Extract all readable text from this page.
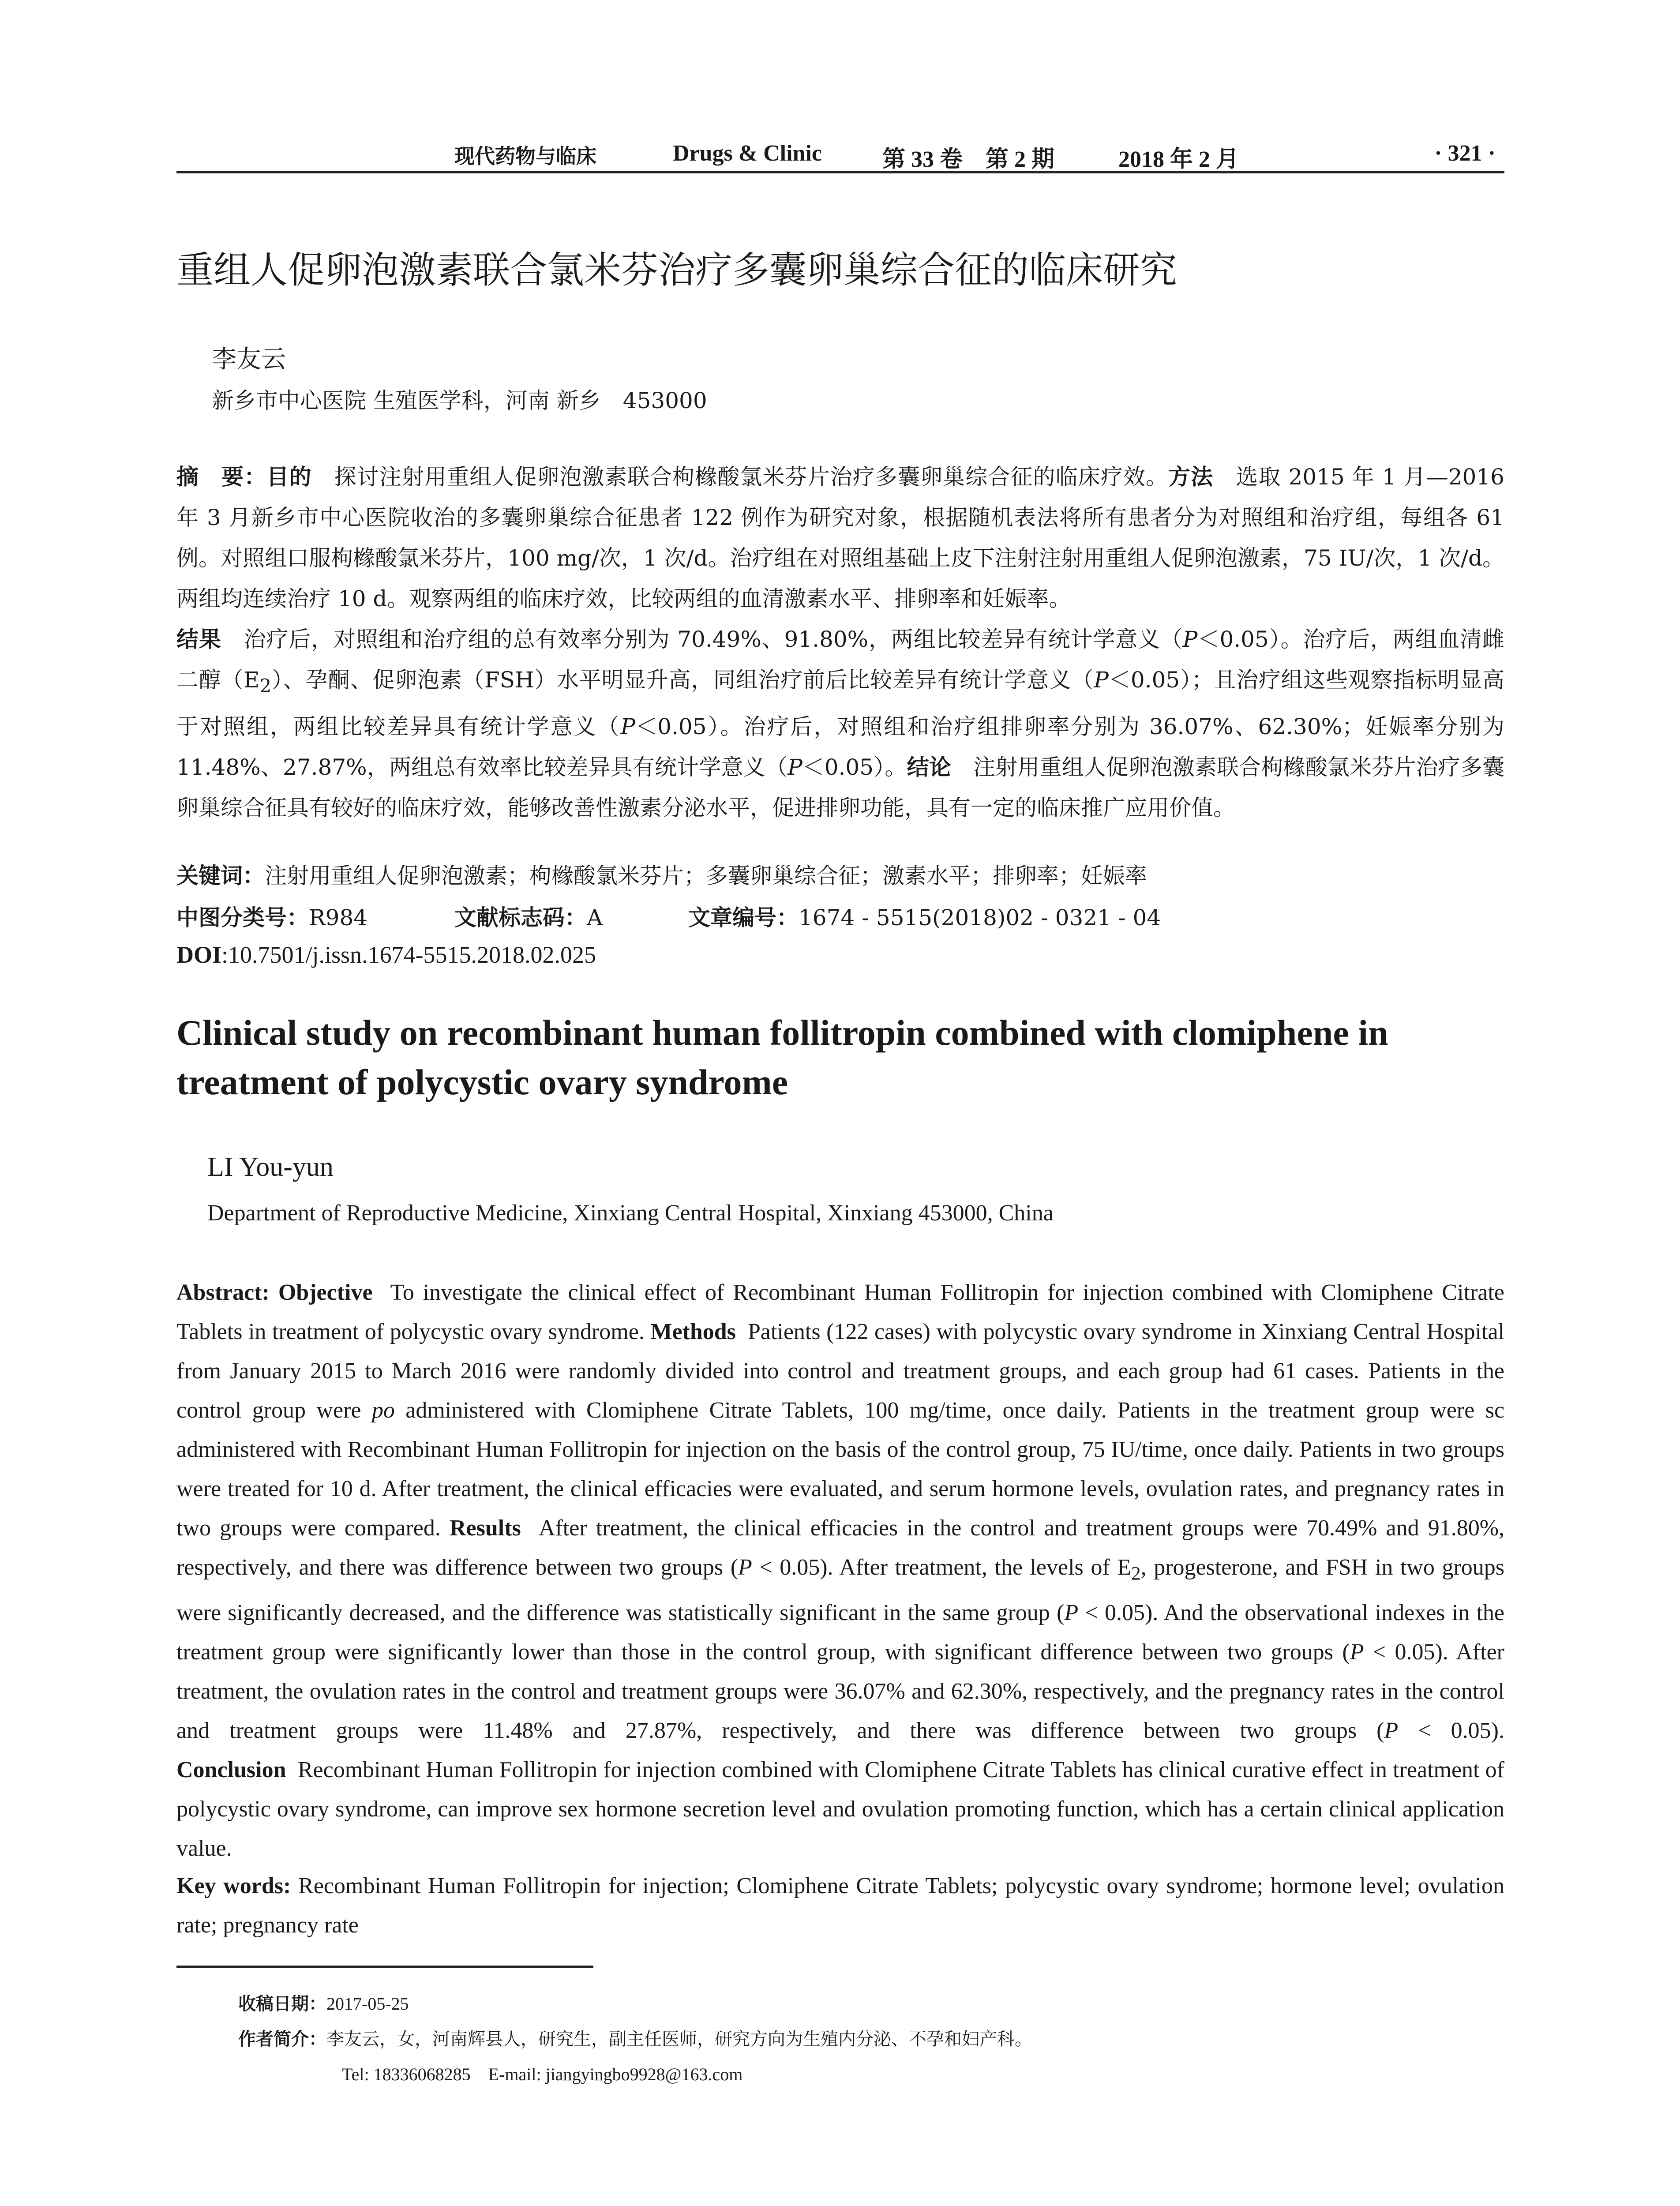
现代药物与临床	Drugs & Clinic	第 33 卷　第 2 期	2018 年 2 月	· 321 ·
重组人促卵泡激素联合氯米芬治疗多囊卵巢综合征的临床研究
李友云
新乡市中心医院 生殖医学科，河南 新乡　453000

摘　要：目的　 探讨注射用重组人促卵泡激素联合枸橼酸氯米芬片治疗多囊卵巢综合征的临床疗效。方法　 选取 2015 年 1 月—2016 年 3 月新乡市中心医院收治的多囊卵巢综合征患者 122 例作为研究对象，根据随机表法将所有患者分为对照组和治疗组，每组各 61 例。对照组口服枸橼酸氯米芬片，100 mg/次，1 次/d。治疗组在对照组基础上皮下注射注射用重组人促卵泡激素，75 IU/次，1 次/d。两组均连续治疗 10 d。观察两组的临床疗效，比较两组的血清激素水平、排卵率和妊娠率。
结果　 治疗后，对照组和治疗组的总有效率分别为 70.49%、91.80%，两组比较差异有统计学意义（P＜0.05）。治疗后，两组血清雌二醇$(E_2)$、孕酮、促卵泡素（FSH）水平明显升高，同组治疗前后比较差异有统计学意义（P＜0.05）；且治疗组这些观察指标明显高于对照组，两组比较差异具有统计学意义（P＜0.05）。治疗后，对照组和治疗组排卵率分别为 36.07%、62.30%；妊娠率分别为 11.48%、27.87%，两组总有效率比较差异具有统计学意义（P＜0.05）。结论　 注射用重组人促卵泡激素联合枸橼酸氯米芬片治疗多囊卵巢综合征具有较好的临床疗效，能够改善性激素分泌水平，促进排卵功能，具有一定的临床推广应用价值。

关键词：注射用重组人促卵泡激素；枸橼酸氯米芬片；多囊卵巢综合征；激素水平；排卵率；妊娠率
中图分类号：R984	文献标志码：A	文章编号：1674 - 5515(2018)02 - 0321 - 04
DOI:10.7501/j.issn.1674-5515.2018.02.025
Clinical study on recombinant human follitropin combined with clomiphene in treatment of polycystic ovary syndrome
LI You-yun
Department of Reproductive Medicine, Xinxiang Central Hospital, Xinxiang 453000, China

Abstract: Objective To investigate the clinical effect of Recombinant Human Follitropin for injection combined with Clomiphene Citrate Tablets in treatment of polycystic ovary syndrome. Methods Patients (122 cases) with polycystic ovary syndrome in Xinxiang Central Hospital from January 2015 to March 2016 were randomly divided into control and treatment groups, and each group had 61 cases. Patients in the control group were po administered with Clomiphene Citrate Tablets, 100 mg/time, once daily. Patients in the treatment group were sc administered with Recombinant Human Follitropin for injection on the basis of the control group, 75 IU/time, once daily. Patients in two groups were treated for 10 d. After treatment, the clinical efficacies were evaluated, and serum hormone levels, ovulation rates, and pregnancy rates in two groups were compared. Results After treatment, the clinical efficacies in the control and treatment groups were 70.49% and 91.80%, respectively, and there was difference between two groups (P < 0.05). After treatment, the levels of $E_2$, progesterone, and FSH in two groups were significantly decreased, and the difference was statistically significant in the same group (P < 0.05). And the observational indexes in the treatment group were significantly lower than those in the control group, with significant difference between two groups (P < 0.05). After treatment, the ovulation rates in the control and treatment groups were 36.07% and 62.30%, respectively, and the pregnancy rates in the control and treatment groups were 11.48% and 27.87%, respectively, and there was difference between two groups (P < 0.05). Conclusion Recombinant Human Follitropin for injection combined with Clomiphene Citrate Tablets has clinical curative effect in treatment of polycystic ovary syndrome, can improve sex hormone secretion level and ovulation promoting function, which has a certain clinical application value.

Key words: Recombinant Human Follitropin for injection; Clomiphene Citrate Tablets; polycystic ovary syndrome; hormone level; ovulation rate; pregnancy rate
收稿日期：2017-05-25
作者简介：李友云，女，河南辉县人，研究生，副主任医师，研究方向为生殖内分泌、不孕和妇产科。
Tel: 18336068285　E-mail: jiangyingbo9928@163.com
